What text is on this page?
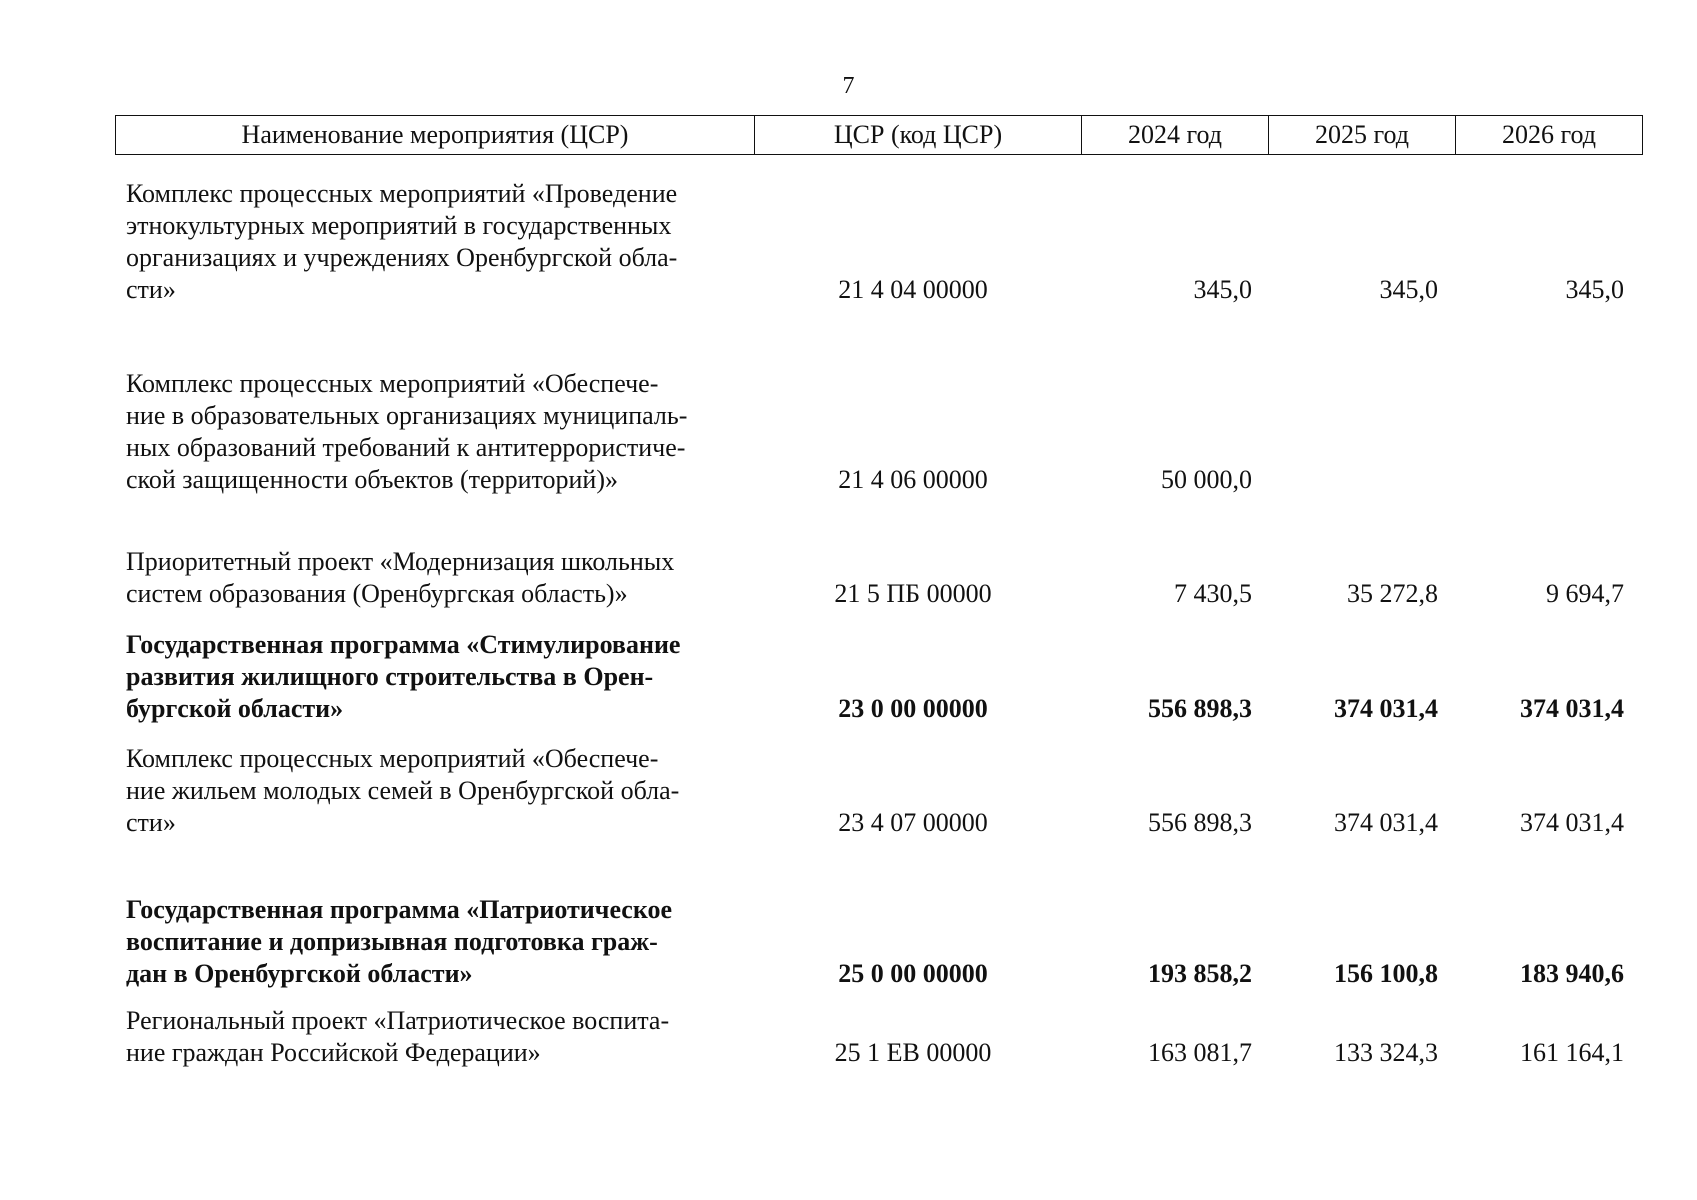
7
Наименование мероприятия (ЦСР)	ЦСР (код ЦСР)	2024 год	2025 год	2026 год
Комплекс процессных мероприятий «Проведение
этнокультурных мероприятий в государственных
организациях и учреждениях Оренбургской обла-
сти»	21 4 04 00000	345,0	345,0	345,0
Комплекс процессных мероприятий «Обеспече-
ние в образовательных организациях муниципаль-
ных образований требований к антитеррористиче-
ской защищенности объектов (территорий)»	21 4 06 00000	50 000,0
Приоритетный проект «Модернизация школьных
систем образования (Оренбургская область)»	21 5 ПБ 00000	7 430,5	35 272,8	9 694,7
Государственная программа «Стимулирование
развития жилищного строительства в Орен-
бургской области»	23 0 00 00000	556 898,3	374 031,4	374 031,4
Комплекс процессных мероприятий «Обеспече-
ние жильем молодых семей в Оренбургской обла-
сти»	23 4 07 00000	556 898,3	374 031,4	374 031,4
Государственная программа «Патриотическое
воспитание и допризывная подготовка граж-
дан в Оренбургской области»	25 0 00 00000	193 858,2	156 100,8	183 940,6
Региональный проект «Патриотическое воспита-
ние граждан Российской Федерации»	25 1 ЕВ 00000	163 081,7	133 324,3	161 164,1
